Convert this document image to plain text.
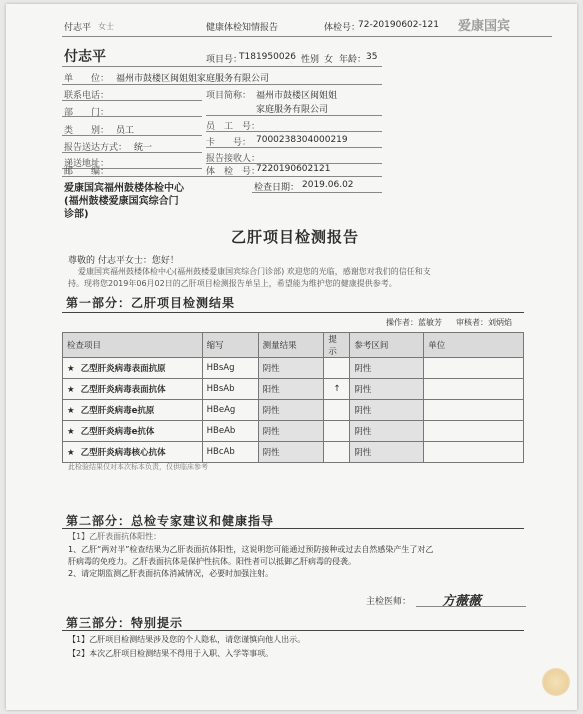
付志平 女士	健康体检知情报告	体检号：
72-20190602-121 爱康国宾
付志平	项目号：
T181950026 性别 女 年龄： 35
单　　位： 福州市鼓楼区闽姐姐家庭服务有限公司
联系电话：	项目简称： 福州市鼓楼区闽姐姐
家庭服务有限公司
部　　门：
员　工　号：
类　　别： 员工
卡　　号： 7000238304000219
报告送达方式： 统一
报告接收人：
递送地址：
邮　　编：	体　检　号：
7220190602121
爱康国宾福州鼓楼体检中心
(福州鼓楼爱康国宾综合门
诊部)
检查日期： 2019.06.02
乙肝项目检测报告
尊敬的 付志平女士：您好！
爱康国宾福州鼓楼体检中心(福州鼓楼爱康国宾综合门诊部) 欢迎您的光临，感谢您对我们的信任和支
持。现将您2019年06月02日的乙肝项目检测报告单呈上，希望能为维护您的健康提供参考。
第一部分：乙肝项目检测结果
操作者： 蓝敏芳 审核者： 刘炳焰
检查项目	缩写	测量结果	提示	参考区间	单位
★ 乙型肝炎病毒表面抗原	HBsAg	阴性		阴性	
★ 乙型肝炎病毒表面抗体	HBsAb	阳性	↑	阴性	
★ 乙型肝炎病毒e抗原	HBeAg	阴性		阴性	
★ 乙型肝炎病毒e抗体	HBeAb	阴性		阴性	
★ 乙型肝炎病毒核心抗体	HBcAb	阴性		阴性	
此检验结果仅对本次标本负责，仅供临床参考
第二部分：总检专家建议和健康指导
【1】乙肝表面抗体阳性：
1、乙肝“两对半”检查结果为乙肝表面抗体阳性，这说明您可能通过预防接种或过去自然感染产生了对乙
肝病毒的免疫力。乙肝表面抗体是保护性抗体。阳性者可以抵御乙肝病毒的侵袭。
2、请定期监测乙肝表面抗体消减情况，必要时加强注射。
主检医师： 方薇薇
第三部分：特别提示
【1】乙肝项目检测结果涉及您的个人隐私，请您谨慎向他人出示。
【2】本次乙肝项目检测结果不得用于入职、入学等事项。
